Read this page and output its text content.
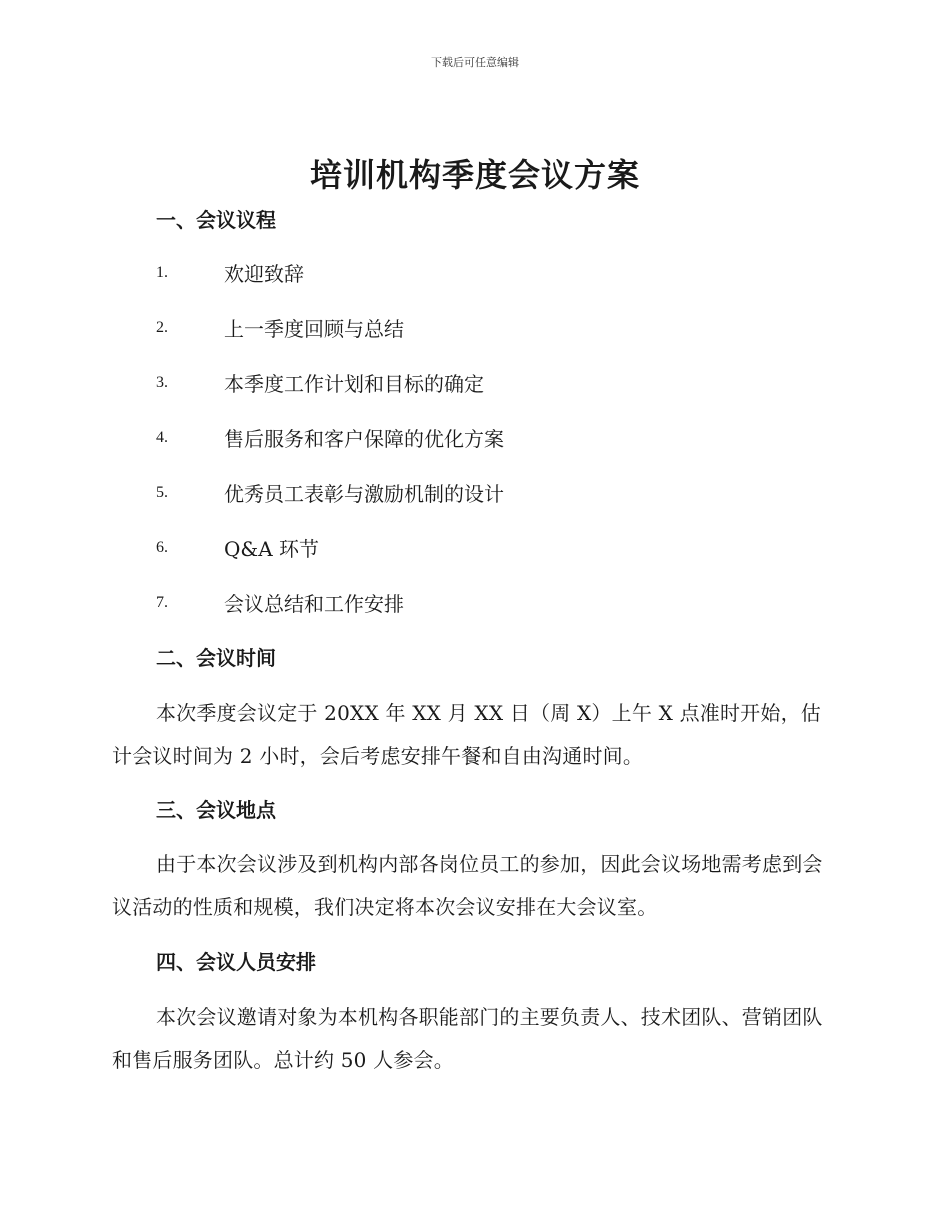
下载后可任意编辑
培训机构季度会议方案
一、会议议程
1.	欢迎致辞
2.	上一季度回顾与总结
3.	本季度工作计划和目标的确定
4.	售后服务和客户保障的优化方案
5.	优秀员工表彰与激励机制的设计
6.	Q&A 环节
7.	会议总结和工作安排
二、会议时间

本次季度会议定于 20XX 年 XX 月 XX 日（周 X）上午 X 点准时开始，估计会议时间为 2 小时，会后考虑安排午餐和自由沟通时间。

三、会议地点

由于本次会议涉及到机构内部各岗位员工的参加，因此会议场地需考虑到会议活动的性质和规模，我们决定将本次会议安排在大会议室。

四、会议人员安排

本次会议邀请对象为本机构各职能部门的主要负责人、技术团队、营销团队和售后服务团队。总计约 50 人参会。
